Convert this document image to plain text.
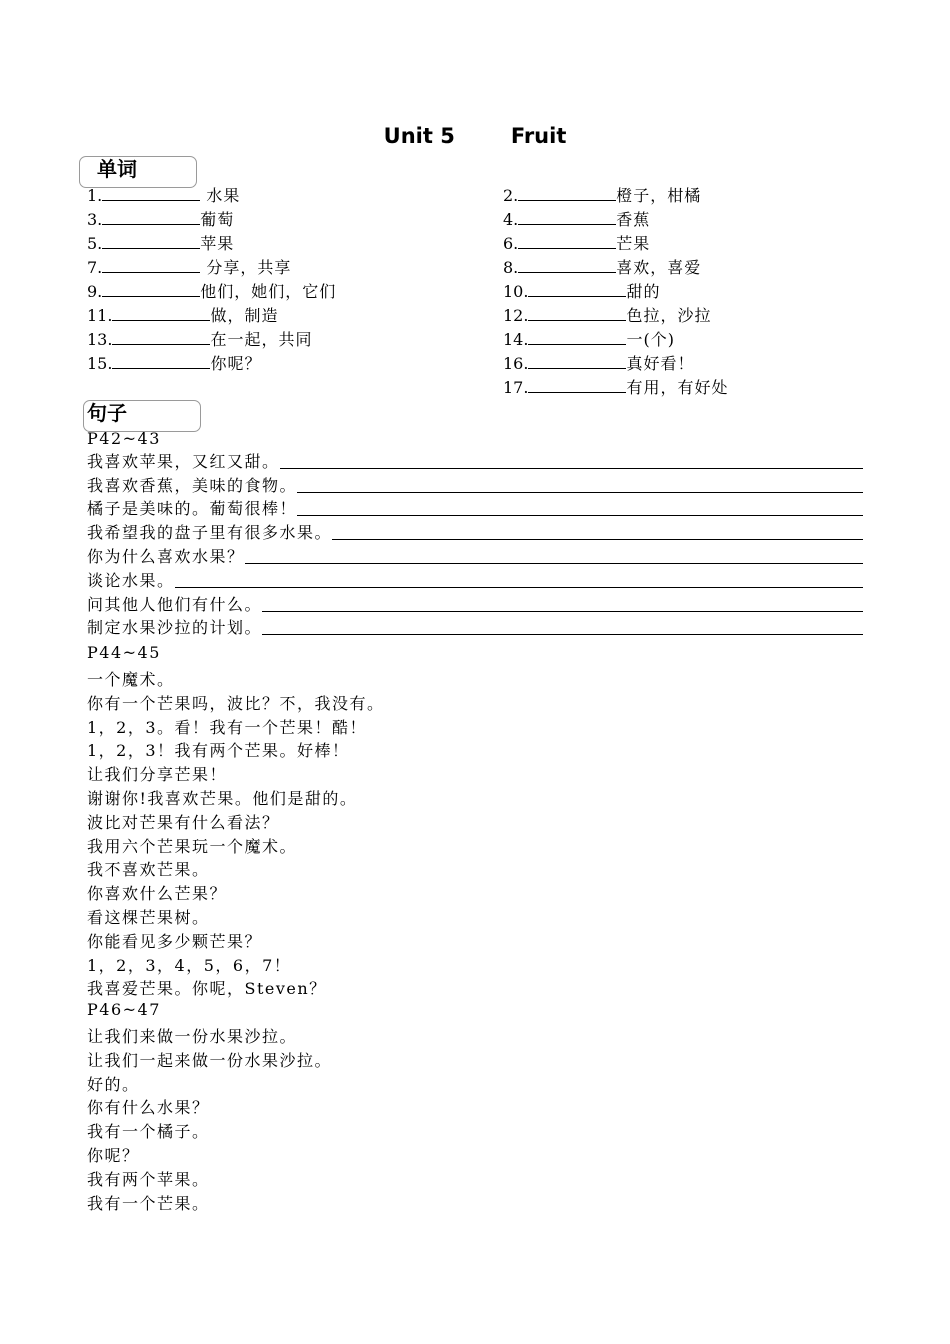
Unit 5	Fruit
单词
1.	水果	2.	橙子，柑橘
3.	葡萄	4.	香蕉
5.	苹果	6.	芒果
7.	分享，共享	8.	喜欢，喜爱
9.	他们，她们，它们	10.	甜的
11.	做，制造	12.	色拉，沙拉
13.	在一起，共同	14.	一(个)
15.	你呢？	16.	真好看！
17.	有用，有好处
句子
P42~43
我喜欢苹果，又红又甜。
我喜欢香蕉，美味的食物。
橘子是美味的。葡萄很棒！
我希望我的盘子里有很多水果。
你为什么喜欢水果？
谈论水果。
问其他人他们有什么。
制定水果沙拉的计划。
P44~45
一个魔术。
你有一个芒果吗，波比？不，我没有。
1，2，3。看！我有一个芒果！酷！
1，2，3！我有两个芒果。好棒！
让我们分享芒果！
谢谢你!我喜欢芒果。他们是甜的。
波比对芒果有什么看法？
我用六个芒果玩一个魔术。
我不喜欢芒果。
你喜欢什么芒果？
看这棵芒果树。
你能看见多少颗芒果？
1，2，3，4，5，6，7！
我喜爱芒果。你呢，Steven？
P46~47
让我们来做一份水果沙拉。
让我们一起来做一份水果沙拉。
好的。
你有什么水果？
我有一个橘子。
你呢？
我有两个苹果。
我有一个芒果。
